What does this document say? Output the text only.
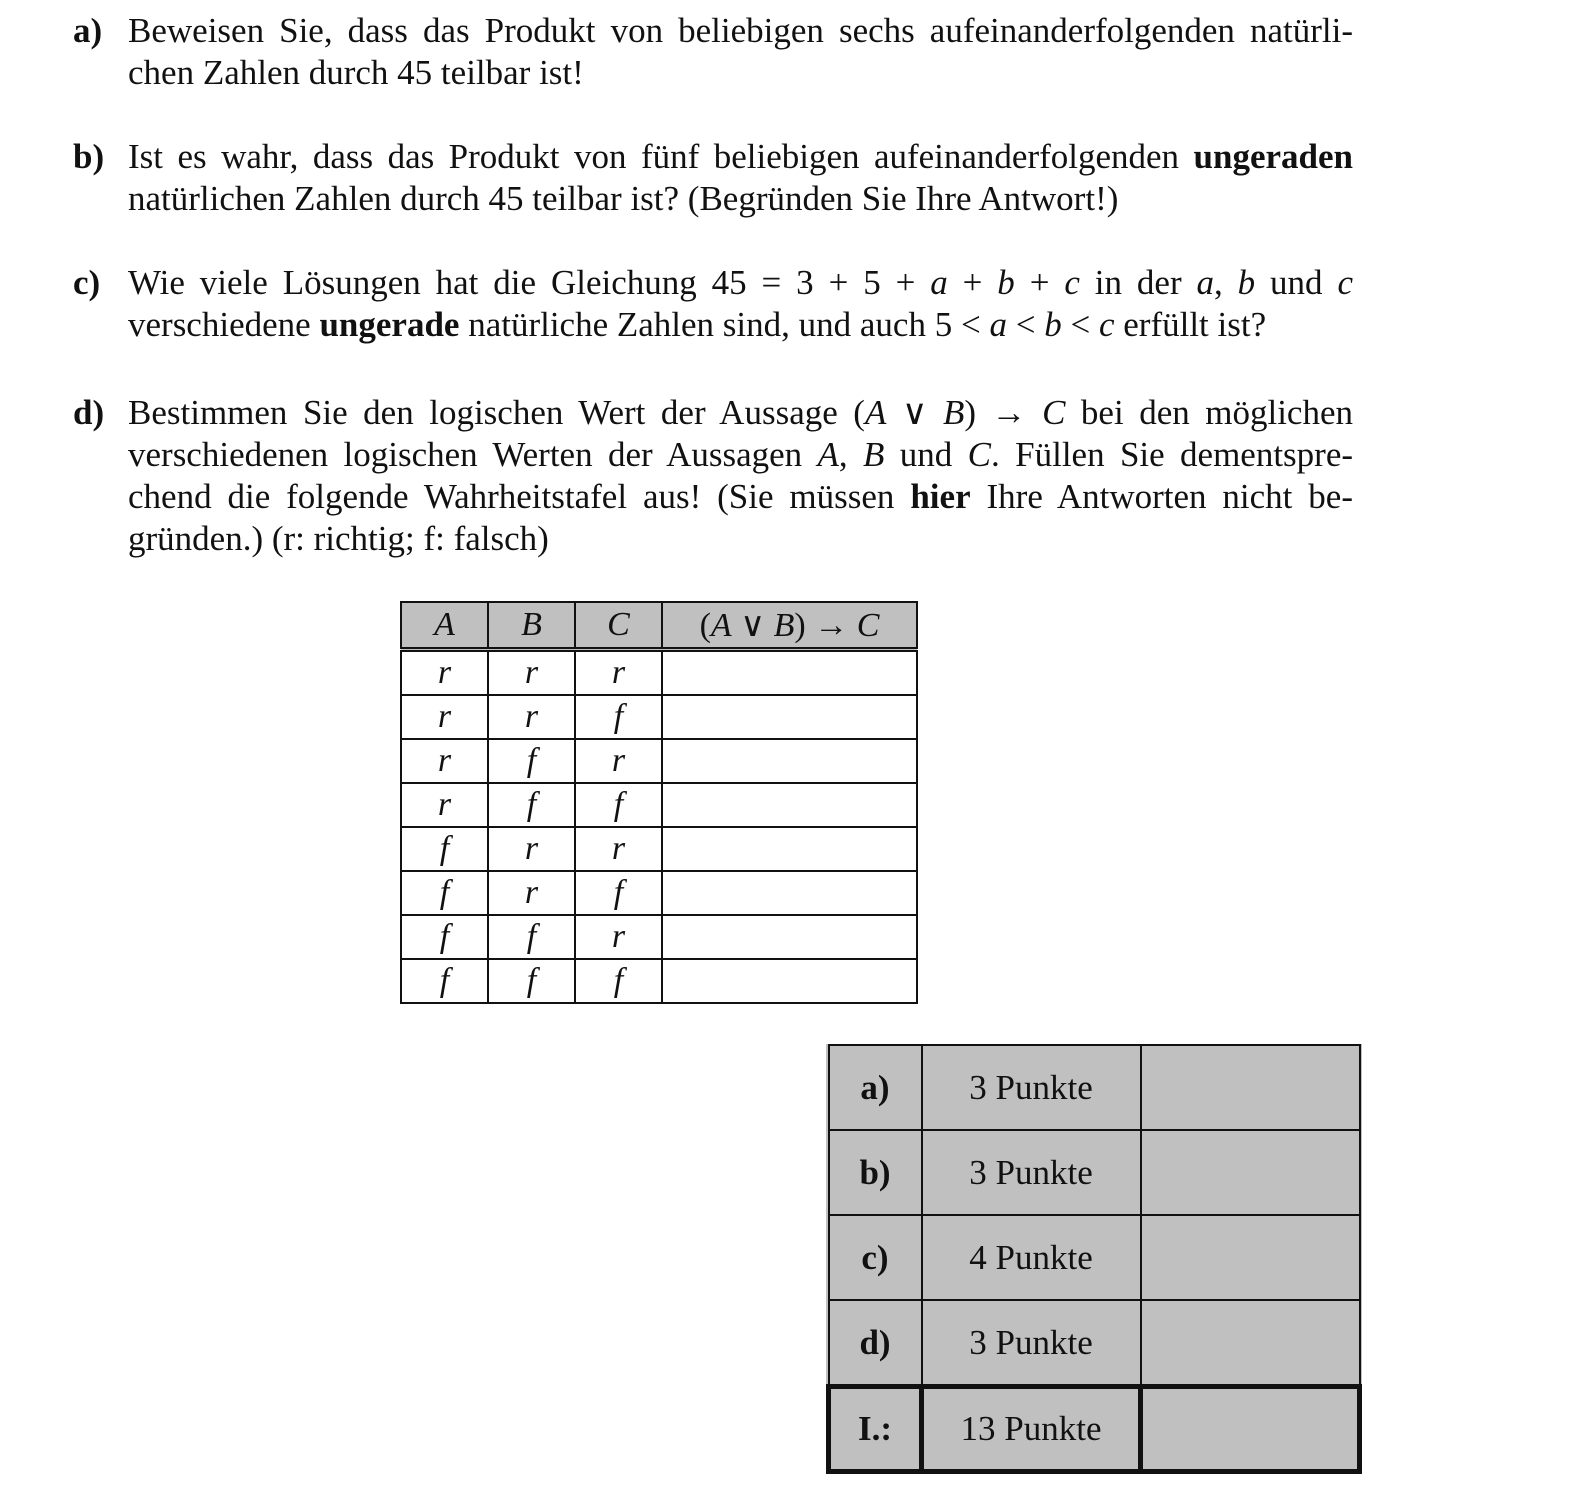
a) Beweisen Sie, dass das Produkt von beliebigen sechs aufeinanderfolgenden natürli-
chen Zahlen durch 45 teilbar ist!
b) Ist es wahr, dass das Produkt von fünf beliebigen aufeinanderfolgenden ungeraden
natürlichen Zahlen durch 45 teilbar ist? (Begründen Sie Ihre Antwort!)
c) Wie viele Lösungen hat die Gleichung 45 = 3 + 5 + a + b + c in der a, b und c
verschiedene ungerade natürliche Zahlen sind, und auch 5 < a < b < c erfüllt ist?
d) Bestimmen Sie den logischen Wert der Aussage (A ∨ B) → C bei den möglichen
verschiedenen logischen Werten der Aussagen A, B und C. Füllen Sie dementspre-
chend die folgende Wahrheitstafel aus! (Sie müssen hier Ihre Antworten nicht be-
gründen.) (r: richtig; f: falsch)
A	B	C	(A ∨ B) → C
r	r	r	
r	r	f	
r	f	r	
r	f	f	
f	r	r	
f	r	f	
f	f	r	
f	f	f	
a)	3 Punkte	
b)	3 Punkte	
c)	4 Punkte	
d)	3 Punkte	
I.:	13 Punkte	
